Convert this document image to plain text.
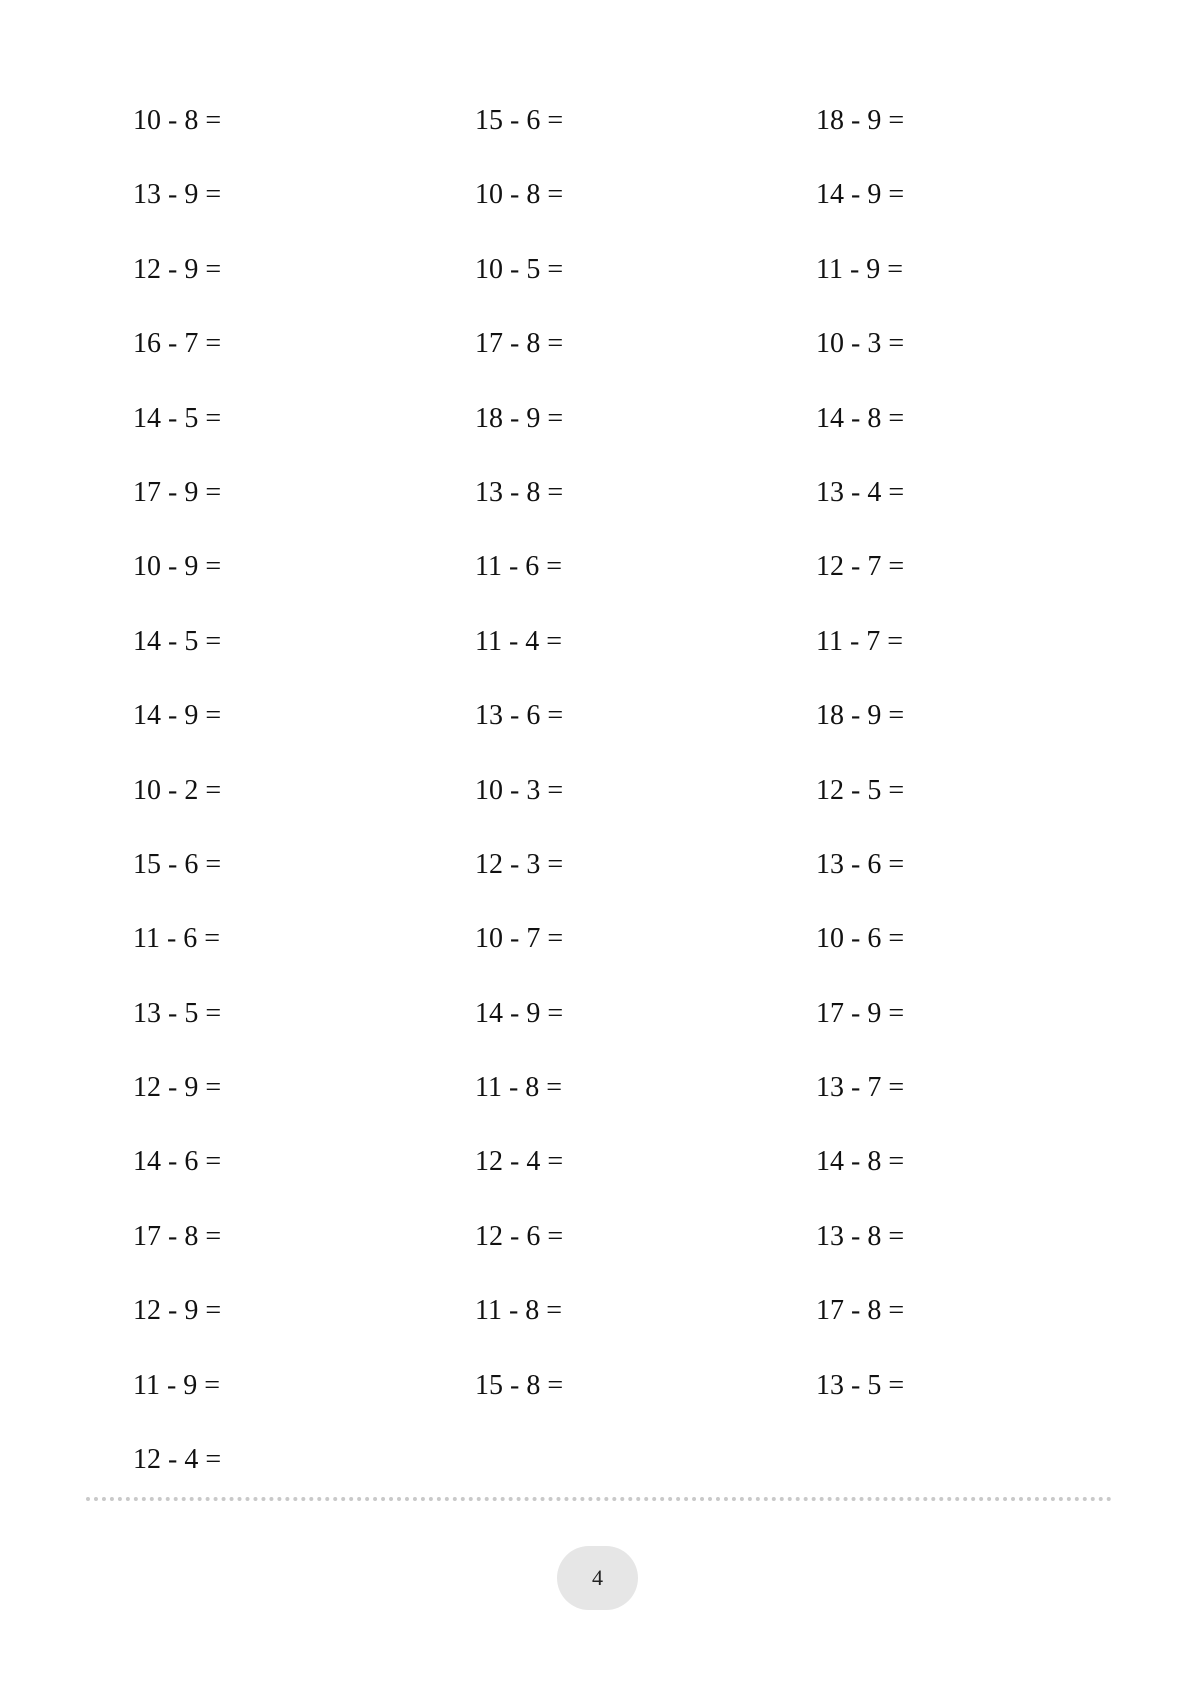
10 - 8 =
13 - 9 =
12 - 9 =
16 - 7 =
14 - 5 =
17 - 9 =
10 - 9 =
14 - 5 =
14 - 9 =
10 - 2 =
15 - 6 =
11 - 6 =
13 - 5 =
12 - 9 =
14 - 6 =
17 - 8 =
12 - 9 =
11 - 9 =
12 - 4 =
15 - 6 =
10 - 8 =
10 - 5 =
17 - 8 =
18 - 9 =
13 - 8 =
11 - 6 =
11 - 4 =
13 - 6 =
10 - 3 =
12 - 3 =
10 - 7 =
14 - 9 =
11 - 8 =
12 - 4 =
12 - 6 =
11 - 8 =
15 - 8 =
18 - 9 =
14 - 9 =
11 - 9 =
10 - 3 =
14 - 8 =
13 - 4 =
12 - 7 =
11 - 7 =
18 - 9 =
12 - 5 =
13 - 6 =
10 - 6 =
17 - 9 =
13 - 7 =
14 - 8 =
13 - 8 =
17 - 8 =
13 - 5 =
4
